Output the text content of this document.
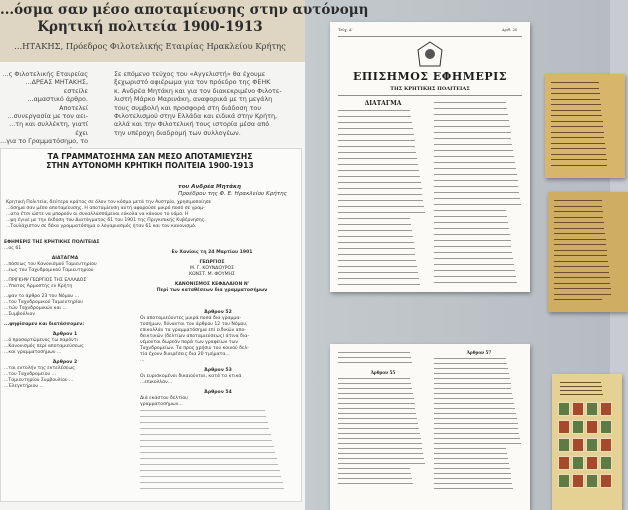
...όσμα σαν μέσο αποταμίευσης στην αυτόνομη
Κρητική πολιτεία 1900-1913
...ΗΤΑΚΗΣ, Πρόεδρος Φιλοτελικής Εταιρίας Ηρακλείου Κρήτης
...ς Φιλοτελικής Εταιρείας
...ΔΡΕΑΣ ΜΗΤΑΚΗΣ, εστείλε
...αμαστικό άρθρο. Αποτελεί
...συνεργασία με τον αει-
...τη και συλλέκτη, γιατί έχει
...για το Γραμματόσημο, το
Σε επόμενο τεύχος του «Αγγελιστή» θα έχουμε
ξεχωριστό αφιέρωμα για τον πρόεδρο της ΦΕΗΚ
κ. Ανδρέα Μητάκη και για τον διακεκριμένο Φιλοτε-
λιστή Μάρκο Μαρινάκη, αναφορικά με τη μεγάλη
τους συμβολή και προσφορά στη διάδοση του
Φιλοτελισμού στην Ελλάδα και ειδικά στην Κρήτη,
αλλά και την Φιλοτελική τους ιστορία μέσα από
την υπέροχη διαδρομή των συλλογέων.
ΤΑ ΓΡΑΜΜΑΤΟΣΗΜΑ ΣΑΝ ΜΕΣΟ ΑΠΟΤΑΜΙΕΥΣΗΣ
ΣΤΗΝ ΑΥΤΟΝΟΜΗ ΚΡΗΤΙΚΗ ΠΟΛΙΤΕΙΑ 1900-1913
του Ανδρέα Μητάκη
Προέδρου της Φ. Ε. Ηρακλείου Κρήτης
Κρητική Πολιτεία, δεύτερο κράτος σε όλον τον κόσμο μετά την Αυστρία, χρησιμοποίησε
...όσημα σαν μέσο αποταμίευσης. Η αποταμίευση αυτή αφορούσε μικρό ποσό σε γραμ-
...ατα έτσι ώστε να μπορούν οι συναλλασσόμενοι εύκολα να κάνουν το νόμο. Η
...ψη έγινε με την έκδοση του Διατάγματος 61 του 1901 της Πριγκιπικής Κυβέρνησης.
...Τουλάχιστον σε δέκα γραμματόσημα ο λογαριασμός ήταν 61 και τον κανονισμό.
ΕΦΗΜΕΡΙΣ ΤΗΣ ΚΡΗΤΙΚΗΣ ΠΟΛΙΤΕΙΑΣ
...ος 61
ΔΙΑΤΑΓΜΑ
...πάσεως του Κανονισμού Ταμιευτηρίου
...εως του Ταχυδρομικού Ταμιευτηρίου
...ΠΡΙΓΚΗΨ ΓΕΩΡΓΙΟΣ ΤΗΣ ΕΛΛΑΔΟΣ
...Υπατος Αρμοστής εν Κρήτη
...ψαν το άρθρο 23 του Νόμου ...
...του Ταχυδρομικού Ταμιευτηρίου
...τών Ταχυδρομικών και ...
...Συμβούλιον
...ψηφίσαμεν και διατάσσομεν:
Άρθρον 1
...ό προσαρτώμενος τω παρόντι
...Κανονισμός περί αποταμιεύσεως
...και γραμματοσήμων ...
Άρθρον 2
...ται εντολήν της εκτελέσεως
...του Ταχυδρομείου ...
...Ταμιευτηρίου Συμβουλίου ...
...Έλεγκτήριου ...
Εν Χανίοις τη 24 Μαρτίου 1901
ΓΕΩΡΓΙΟΣ
Μ. Γ. ΚΟΥΝΔΟΥΡΟΣ
ΚΩΝΣΤ. Μ. ΦΟΥΜΗΣ
ΚΑΝΟΝΙΣΜΟΣ ΚΕΦΑΛΑΙΟΝ Ν'
Περί των καταθέσεων δια γραμματοσήμων
Άρθρον 52
Οι αποταμιεύοντες μικρά ποσά δια γραμμα-
τοσήμων, δύνανται του άρθρου 12 του Νόμου,
επικολλάν τα γραμματόσημα επί ειδικών απο-
δεικτικών (δελτίων αποταμιεύσεως) άτινα δια-
νέμονται δωρεάν παρά των γραφείων των
Ταχυδρομείων. Τα προς χρήσιν του κοινού δελ-
τία έχουν διαιρέσεις δια 20 τμήματα...
...
Άρθρον 53
Οι ευρισκομένοι δικαιούνται, κατά τα κτικά
...επικολλάν...
Άρθρον 54
Διά εκάστου δελτίου
γραμματοσήμων...
Τεύχ. Α'	Αριθ. 20
ΕΠΙΣΗΜΟΣ ΕΦΗΜΕΡΙΣ
ΤΗΣ ΚΡΗΤΙΚΗΣ ΠΟΛΙΤΕΙΑΣ
ΔΙΑΤΑΓΜΑ
Άρθρον 55
Άρθρον 57
